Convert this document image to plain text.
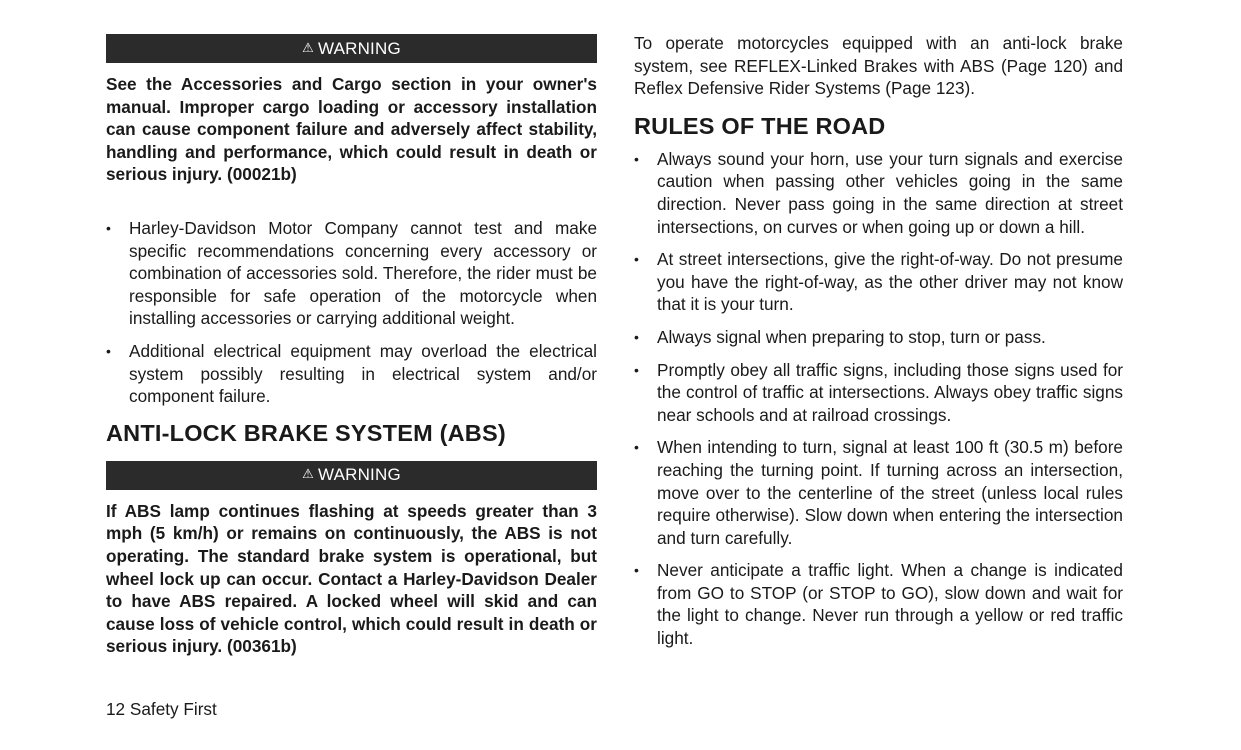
⚠ WARNING

See the Accessories and Cargo section in your owner's manual. Improper cargo loading or accessory installation can cause component failure and adversely affect stability, handling and performance, which could result in death or serious injury. (00021b)

• Harley-Davidson Motor Company cannot test and make specific recommendations concerning every accessory or combination of accessories sold. Therefore, the rider must be responsible for safe operation of the motorcycle when installing accessories or carrying additional weight.
• Additional electrical equipment may overload the electrical system possibly resulting in electrical system and/or component failure.
ANTI-LOCK BRAKE SYSTEM (ABS)
⚠ WARNING

If ABS lamp continues flashing at speeds greater than 3 mph (5 km/h) or remains on continuously, the ABS is not operating. The standard brake system is operational, but wheel lock up can occur. Contact a Harley-Davidson Dealer to have ABS repaired. A locked wheel will skid and can cause loss of vehicle control, which could result in death or serious injury. (00361b)

To operate motorcycles equipped with an anti-lock brake system, see REFLEX-Linked Brakes with ABS (Page 120) and Reflex Defensive Rider Systems (Page 123).

RULES OF THE ROAD
• Always sound your horn, use your turn signals and exercise caution when passing other vehicles going in the same direction. Never pass going in the same direction at street intersections, on curves or when going up or down a hill.
• At street intersections, give the right-of-way. Do not presume you have the right-of-way, as the other driver may not know that it is your turn.
• Always signal when preparing to stop, turn or pass.
• Promptly obey all traffic signs, including those signs used for the control of traffic at intersections. Always obey traffic signs near schools and at railroad crossings.
• When intending to turn, signal at least 100 ft (30.5 m) before reaching the turning point. If turning across an intersection, move over to the centerline of the street (unless local rules require otherwise). Slow down when entering the intersection and turn carefully.
• Never anticipate a traffic light. When a change is indicated from GO to STOP (or STOP to GO), slow down and wait for the light to change. Never run through a yellow or red traffic light.
12 Safety First
